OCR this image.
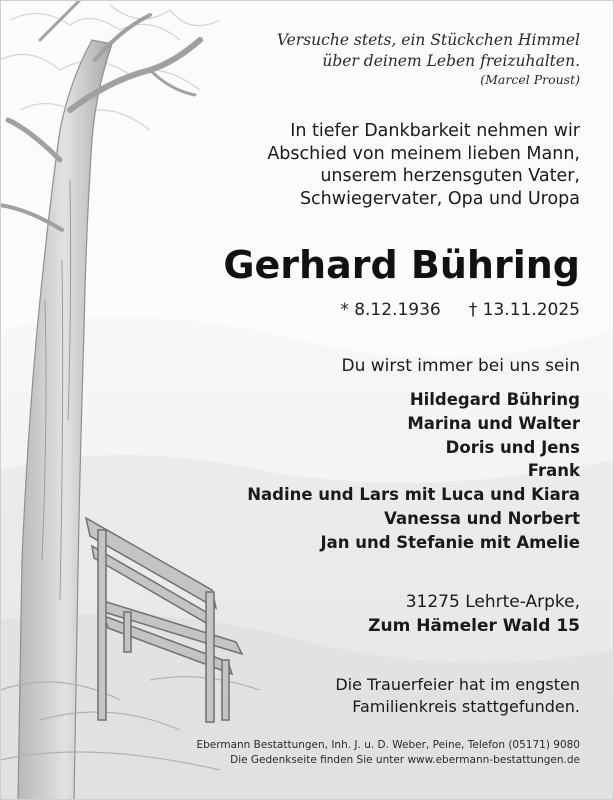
Versuche stets, ein Stückchen Himmel
über deinem Leben freizuhalten.
(Marcel Proust)
In tiefer Dankbarkeit nehmen wir
Abschied von meinem lieben Mann,
unserem herzensguten Vater,
Schwiegervater, Opa und Uropa
Gerhard Bühring
* 8.12.1936 † 13.11.2025
Du wirst immer bei uns sein
Hildegard Bühring
Marina und Walter
Doris und Jens
Frank
Nadine und Lars mit Luca und Kiara
Vanessa und Norbert
Jan und Stefanie mit Amelie
31275 Lehrte-Arpke,
Zum Hämeler Wald 15
Die Trauerfeier hat im engsten
Familienkreis stattgefunden.
Ebermann Bestattungen, Inh. J. u. D. Weber, Peine, Telefon (05171) 9080
Die Gedenkseite finden Sie unter www.ebermann-bestattungen.de
